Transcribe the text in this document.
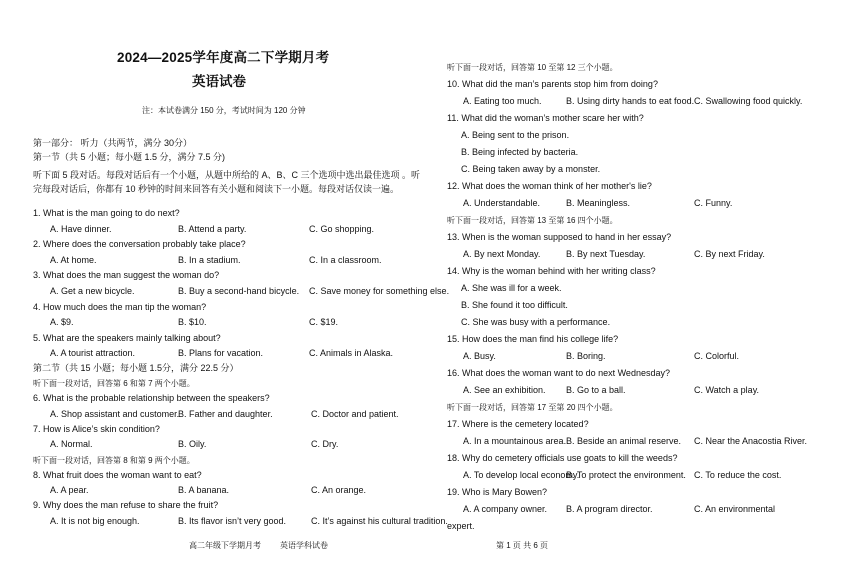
2024—2025学年度高二下学期月考
英语试卷
注：本试卷满分 150 分，考试时间为 120 分钟
第一部分： 听力（共两节，满分 30分）
第一节（共 5 小题；每小题 1.5 分，满分 7.5 分)
听下面 5 段对话。每段对话后有一个小题，从题中所给的 A、B、C 三个选项中选出最佳选项 。听完每段对话后，你都有 10 秒钟的时间来回答有关小题和阅读下一小题。每段对话仅读一遍。
1. What is the man going to do next?
A. Have dinner.	B. Attend a party.	C. Go shopping.
2. Where does the conversation probably take place?
A. At home.	B. In a stadium.	C. In a classroom.
3. What does the man suggest the woman do?
A. Get a new bicycle.	B. Buy a second-hand bicycle. C. Save money for something else.
4. How much does the man tip the woman?
A. $9.	B. $10.	C. $19.
5. What are the speakers mainly talking about?
A. A tourist attraction.	B. Plans for vacation.	C. Animals in Alaska.
第二节（共 15 小题；每小题 1.5分，满分 22.5 分）
听下面一段对话，回答第 6 和第 7 两个小题。
6. What is the probable relationship between the speakers?
A. Shop assistant and customer.
B. Father and daughter.	C. Doctor and patient.
7. How is Alice’s skin condition?
A. Normal.	B. Oily.	C. Dry.
听下面一段对话，回答第 8 和第 9 两个小题。
8. What fruit does the woman want to eat?
A. A pear.	B. A banana.	C. An orange.
9. Why does the man refuse to share the fruit?
A. It is not big enough.	B. Its flavor isn’t very good.	C. It’s against his cultural tradition.
听下面一段对话，回答第 10 至第 12 三个小题。
10. What did the man’s parents stop him from doing?
A. Eating too much.	B. Using dirty hands to eat food. C. Swallowing food quickly.
11. What did the woman’s mother scare her with?
A. Being sent to the prison.
B. Being infected by bacteria.
C. Being taken away by a monster.
12. What does the woman think of her mother's lie?
A. Understandable.	B. Meaningless.	C. Funny.
听下面一段对话，回答第 13 至第 16 四个小题。
13. When is the woman supposed to hand in her essay?
A. By next Monday.	B. By next Tuesday.	C. By next Friday.
14. Why is the woman behind with her writing class?
A. She was ill for a week.
B. She found it too difficult.
C. She was busy with a performance.
15. How does the man find his college life?
A. Busy.	B. Boring.	C. Colorful.
16. What does the woman want to do next Wednesday?
A. See an exhibition. B. Go to a ball.	C. Watch a play.
听下面一段对话，回答第 17 至第 20 四个小题。
17. Where is the cemetery located?
A. In a mountainous area. B. Beside an animal reserve. C. Near the Anacostia River.
18. Why do cemetery officials use goats to kill the weeds?
A. To develop local economy.
B. To protect the environment. C. To reduce the cost.
19. Who is Mary Bowen?
A. A company owner. B. A program director.	C. An environmental
expert.
高二年级下学期月考 英语学科试卷	第 1 页 共 6 页
